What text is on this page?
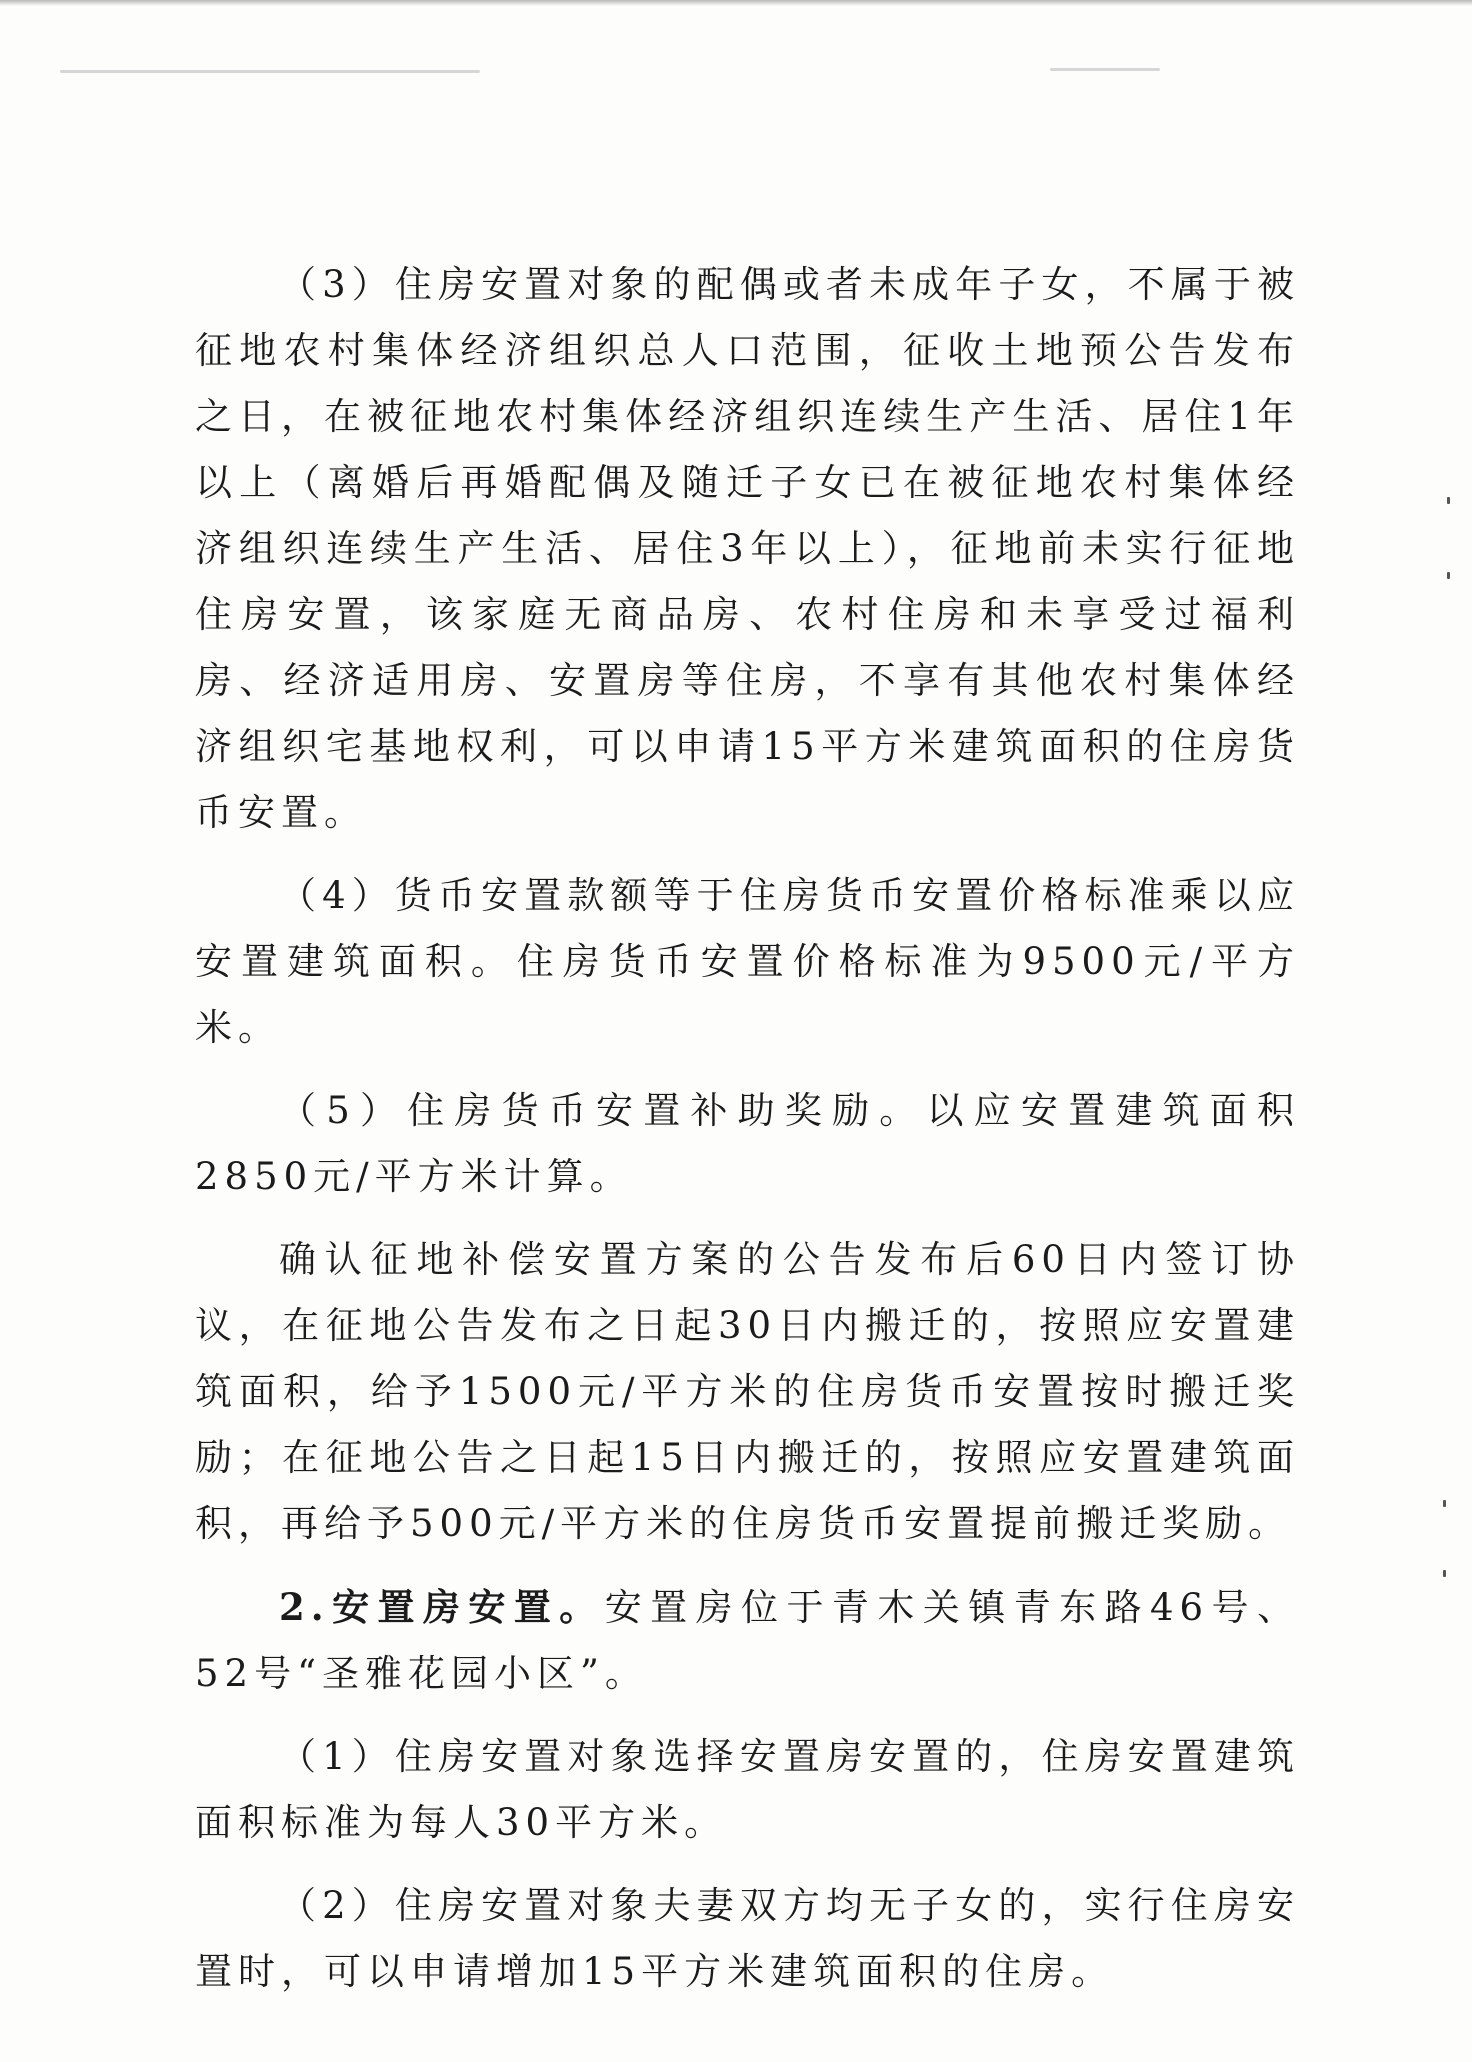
（3）住房安置对象的配偶或者未成年子女，不属于被征地农村集体经济组织总人口范围，征收土地预公告发布之日，在被征地农村集体经济组织连续生产生活、居住1年以上（离婚后再婚配偶及随迁子女已在被征地农村集体经济组织连续生产生活、居住3年以上），征地前未实行征地住房安置，该家庭无商品房、农村住房和未享受过福利房、经济适用房、安置房等住房，不享有其他农村集体经济组织宅基地权利，可以申请15平方米建筑面积的住房货币安置。

（4）货币安置款额等于住房货币安置价格标准乘以应安置建筑面积。住房货币安置价格标准为9500元/平方米。

（5）住房货币安置补助奖励。以应安置建筑面积2850元/平方米计算。

确认征地补偿安置方案的公告发布后60日内签订协议，在征地公告发布之日起30日内搬迁的，按照应安置建筑面积，给予1500元/平方米的住房货币安置按时搬迁奖励；在征地公告之日起15日内搬迁的，按照应安置建筑面积，再给予500元/平方米的住房货币安置提前搬迁奖励。

2.安置房安置。安置房位于青木关镇青东路46号、52号“圣雅花园小区”。

（1）住房安置对象选择安置房安置的，住房安置建筑面积标准为每人30平方米。

（2）住房安置对象夫妻双方均无子女的，实行住房安置时，可以申请增加15平方米建筑面积的住房。
